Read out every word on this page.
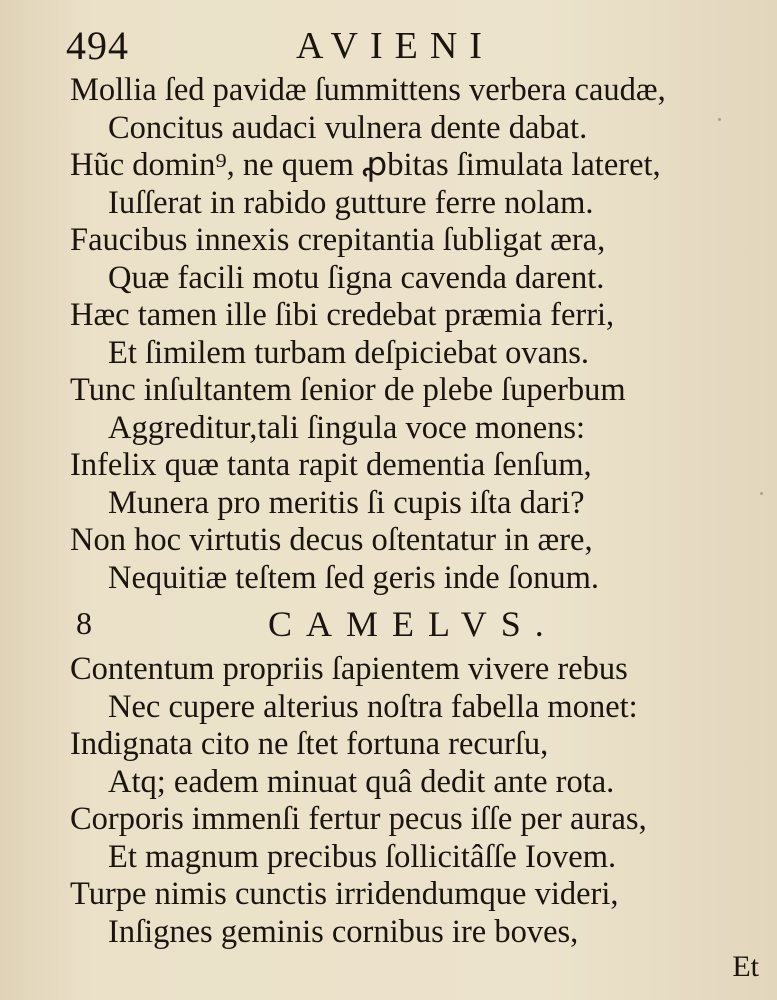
494	AVIENI
Mollia ſed pavidæ ſummittens verbera caudæ,
Concitus audaci vulnera dente dabat.
Hũc domin⁹, ne quem ꝓbitas ſimulata lateret,
Iuſſerat in rabido gutture ferre nolam.
Faucibus innexis crepitantia ſubligat æra,
Quæ facili motu ſigna cavenda darent.
Hæc tamen ille ſibi credebat præmia ferri,
Et ſimilem turbam deſpiciebat ovans.
Tunc inſultantem ſenior de plebe ſuperbum
Aggreditur,tali ſingula voce monens:
Infelix quæ tanta rapit dementia ſenſum,
Munera pro meritis ſi cupis iſta dari?
Non hoc virtutis decus oſtentatur in ære,
Nequitiæ teſtem ſed geris inde ſonum.
8	CAMELVS.
Contentum propriis ſapientem vivere rebus
Nec cupere alterius noſtra fabella monet:
Indignata cito ne ſtet fortuna recurſu,
Atq; eadem minuat quâ dedit ante rota.
Corporis immenſi fertur pecus iſſe per auras,
Et magnum precibus ſollicitâſſe Iovem.
Turpe nimis cunctis irridendumque videri,
Inſignes geminis cornibus ire boves,
Et
